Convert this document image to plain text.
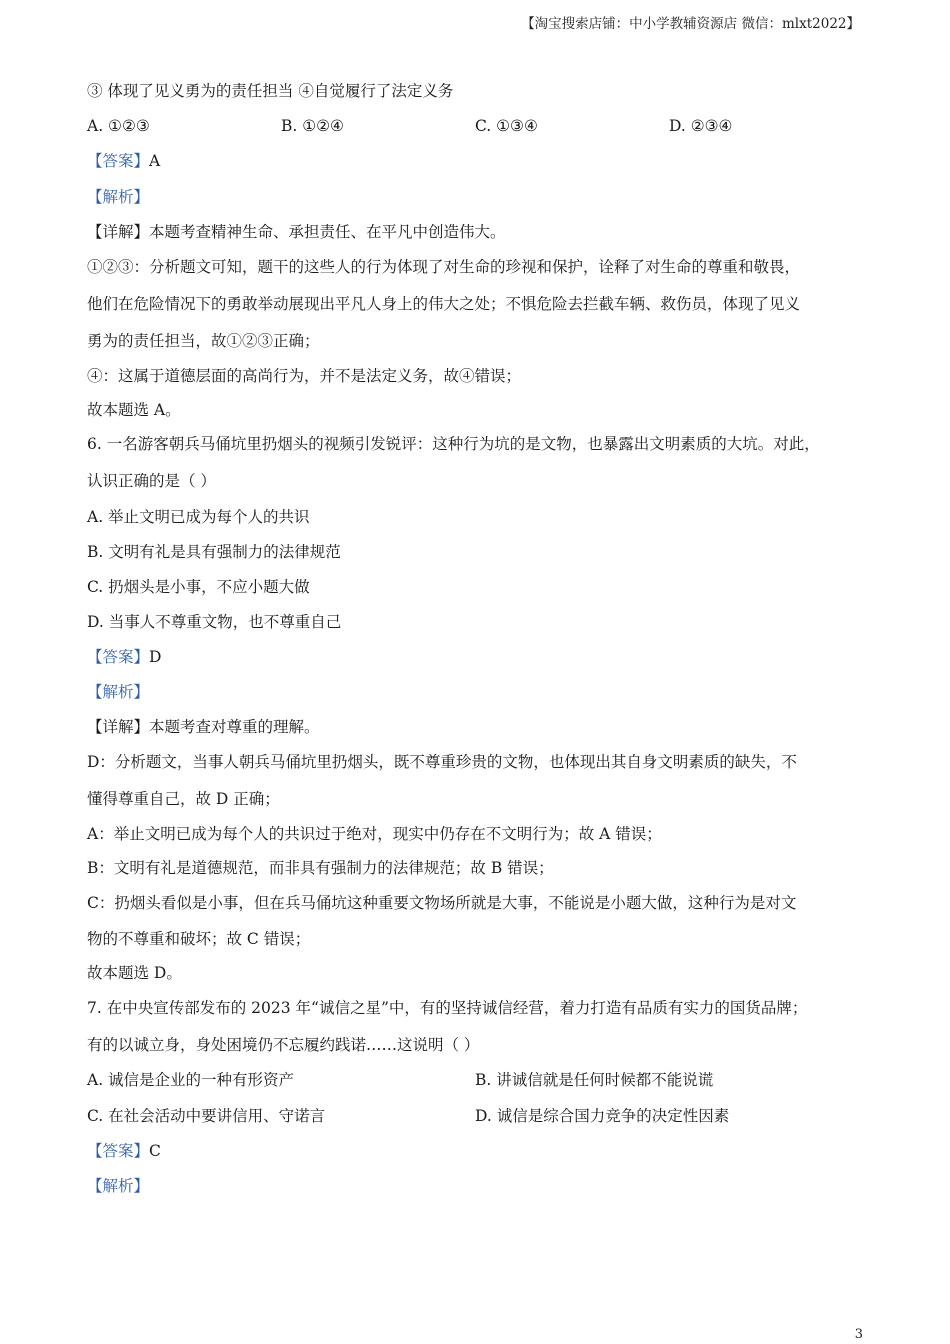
【淘宝搜索店铺：中小学教辅资源店 微信：mlxt2022】
③ 体现了见义勇为的责任担当 ④自觉履行了法定义务
A. ①②③	B. ①②④	C. ①③④	D. ②③④
【答案】A
【解析】
【详解】本题考查精神生命、承担责任、在平凡中创造伟大。
①②③：分析题文可知，题干的这些人的行为体现了对生命的珍视和保护，诠释了对生命的尊重和敬畏，
他们在危险情况下的勇敢举动展现出平凡人身上的伟大之处；不惧危险去拦截车辆、救伤员，体现了见义
勇为的责任担当，故①②③正确；
④：这属于道德层面的高尚行为，并不是法定义务，故④错误；
故本题选 A。
6. 一名游客朝兵马俑坑里扔烟头的视频引发锐评：这种行为坑的是文物，也暴露出文明素质的大坑。对此，
认识正确的是（ ）
A. 举止文明已成为每个人的共识
B. 文明有礼是具有强制力的法律规范
C. 扔烟头是小事，不应小题大做
D. 当事人不尊重文物，也不尊重自己
【答案】D
【解析】
【详解】本题考查对尊重的理解。
D：分析题文，当事人朝兵马俑坑里扔烟头，既不尊重珍贵的文物，也体现出其自身文明素质的缺失，不
懂得尊重自己，故 D 正确；
A：举止文明已成为每个人的共识过于绝对，现实中仍存在不文明行为；故 A 错误；
B：文明有礼是道德规范，而非具有强制力的法律规范；故 B 错误；
C：扔烟头看似是小事，但在兵马俑坑这种重要文物场所就是大事，不能说是小题大做，这种行为是对文
物的不尊重和破坏；故 C 错误；
故本题选 D。
7. 在中央宣传部发布的 2023 年“诚信之星”中，有的坚持诚信经营，着力打造有品质有实力的国货品牌；
有的以诚立身，身处困境仍不忘履约践诺……这说明（ ）
A. 诚信是企业的一种有形资产	B. 讲诚信就是任何时候都不能说谎
C. 在社会活动中要讲信用、守诺言	D. 诚信是综合国力竞争的决定性因素
【答案】C
【解析】
3
